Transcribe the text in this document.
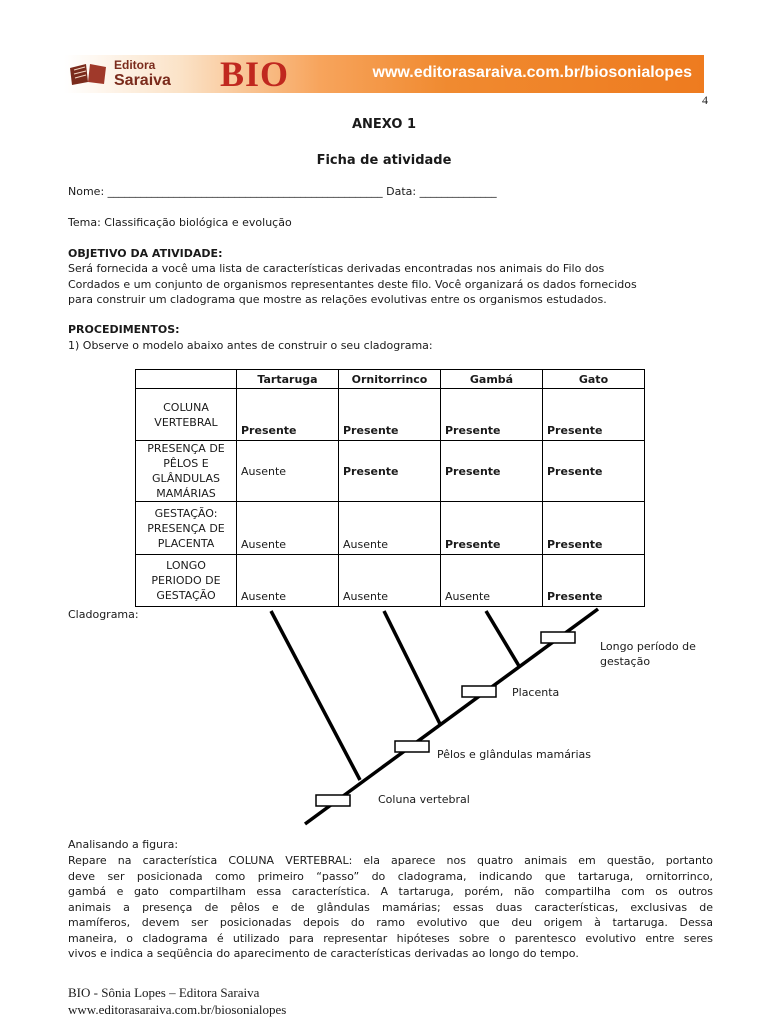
Editora
Saraiva BIO	www.editorasaraiva.com.br/biosonialopes
4
ANEXO 1
Ficha de atividade
Nome: __________________________________________________ Data: ______________
Tema: Classificação biológica e evolução
OBJETIVO DA ATIVIDADE:
Será fornecida a você uma lista de características derivadas encontradas nos animais do Filo dos
Cordados e um conjunto de organismos representantes deste filo. Você organizará os dados fornecidos
para construir um cladograma que mostre as relações evolutivas entre os organismos estudados.
PROCEDIMENTOS:
1) Observe o modelo abaixo antes de construir o seu cladograma:
	Tartaruga	Ornitorrinco	Gambá	Gato
COLUNA
VERTEBRAL	Presente	Presente	Presente	Presente
PRESENÇA DE
PÊLOS E
GLÂNDULAS
MAMÁRIAS	Ausente	Presente	Presente	Presente
GESTAÇÃO:
PRESENÇA DE
PLACENTA	Ausente	Ausente	Presente	Presente
LONGO
PERIODO DE
GESTAÇÃO	Ausente	Ausente	Ausente	Presente
Cladograma:
Longo período de
gestação
Placenta
Pêlos e glândulas mamárias
Coluna vertebral
Analisando a figura:
Repare na característica COLUNA VERTEBRAL: ela aparece nos quatro animais em questão, portanto
deve ser posicionada como primeiro “passo” do cladograma, indicando que tartaruga, ornitorrinco,
gambá e gato compartilham essa característica. A tartaruga, porém, não compartilha com os outros
animais a presença de pêlos e de glândulas mamárias; essas duas características, exclusivas de
mamíferos, devem ser posicionadas depois do ramo evolutivo que deu origem à tartaruga. Dessa
maneira, o cladograma é utilizado para representar hipóteses sobre o parentesco evolutivo entre seres
vivos e indica a seqüência do aparecimento de características derivadas ao longo do tempo.
BIO - Sônia Lopes – Editora Saraiva
www.editorasaraiva.com.br/biosonialopes
